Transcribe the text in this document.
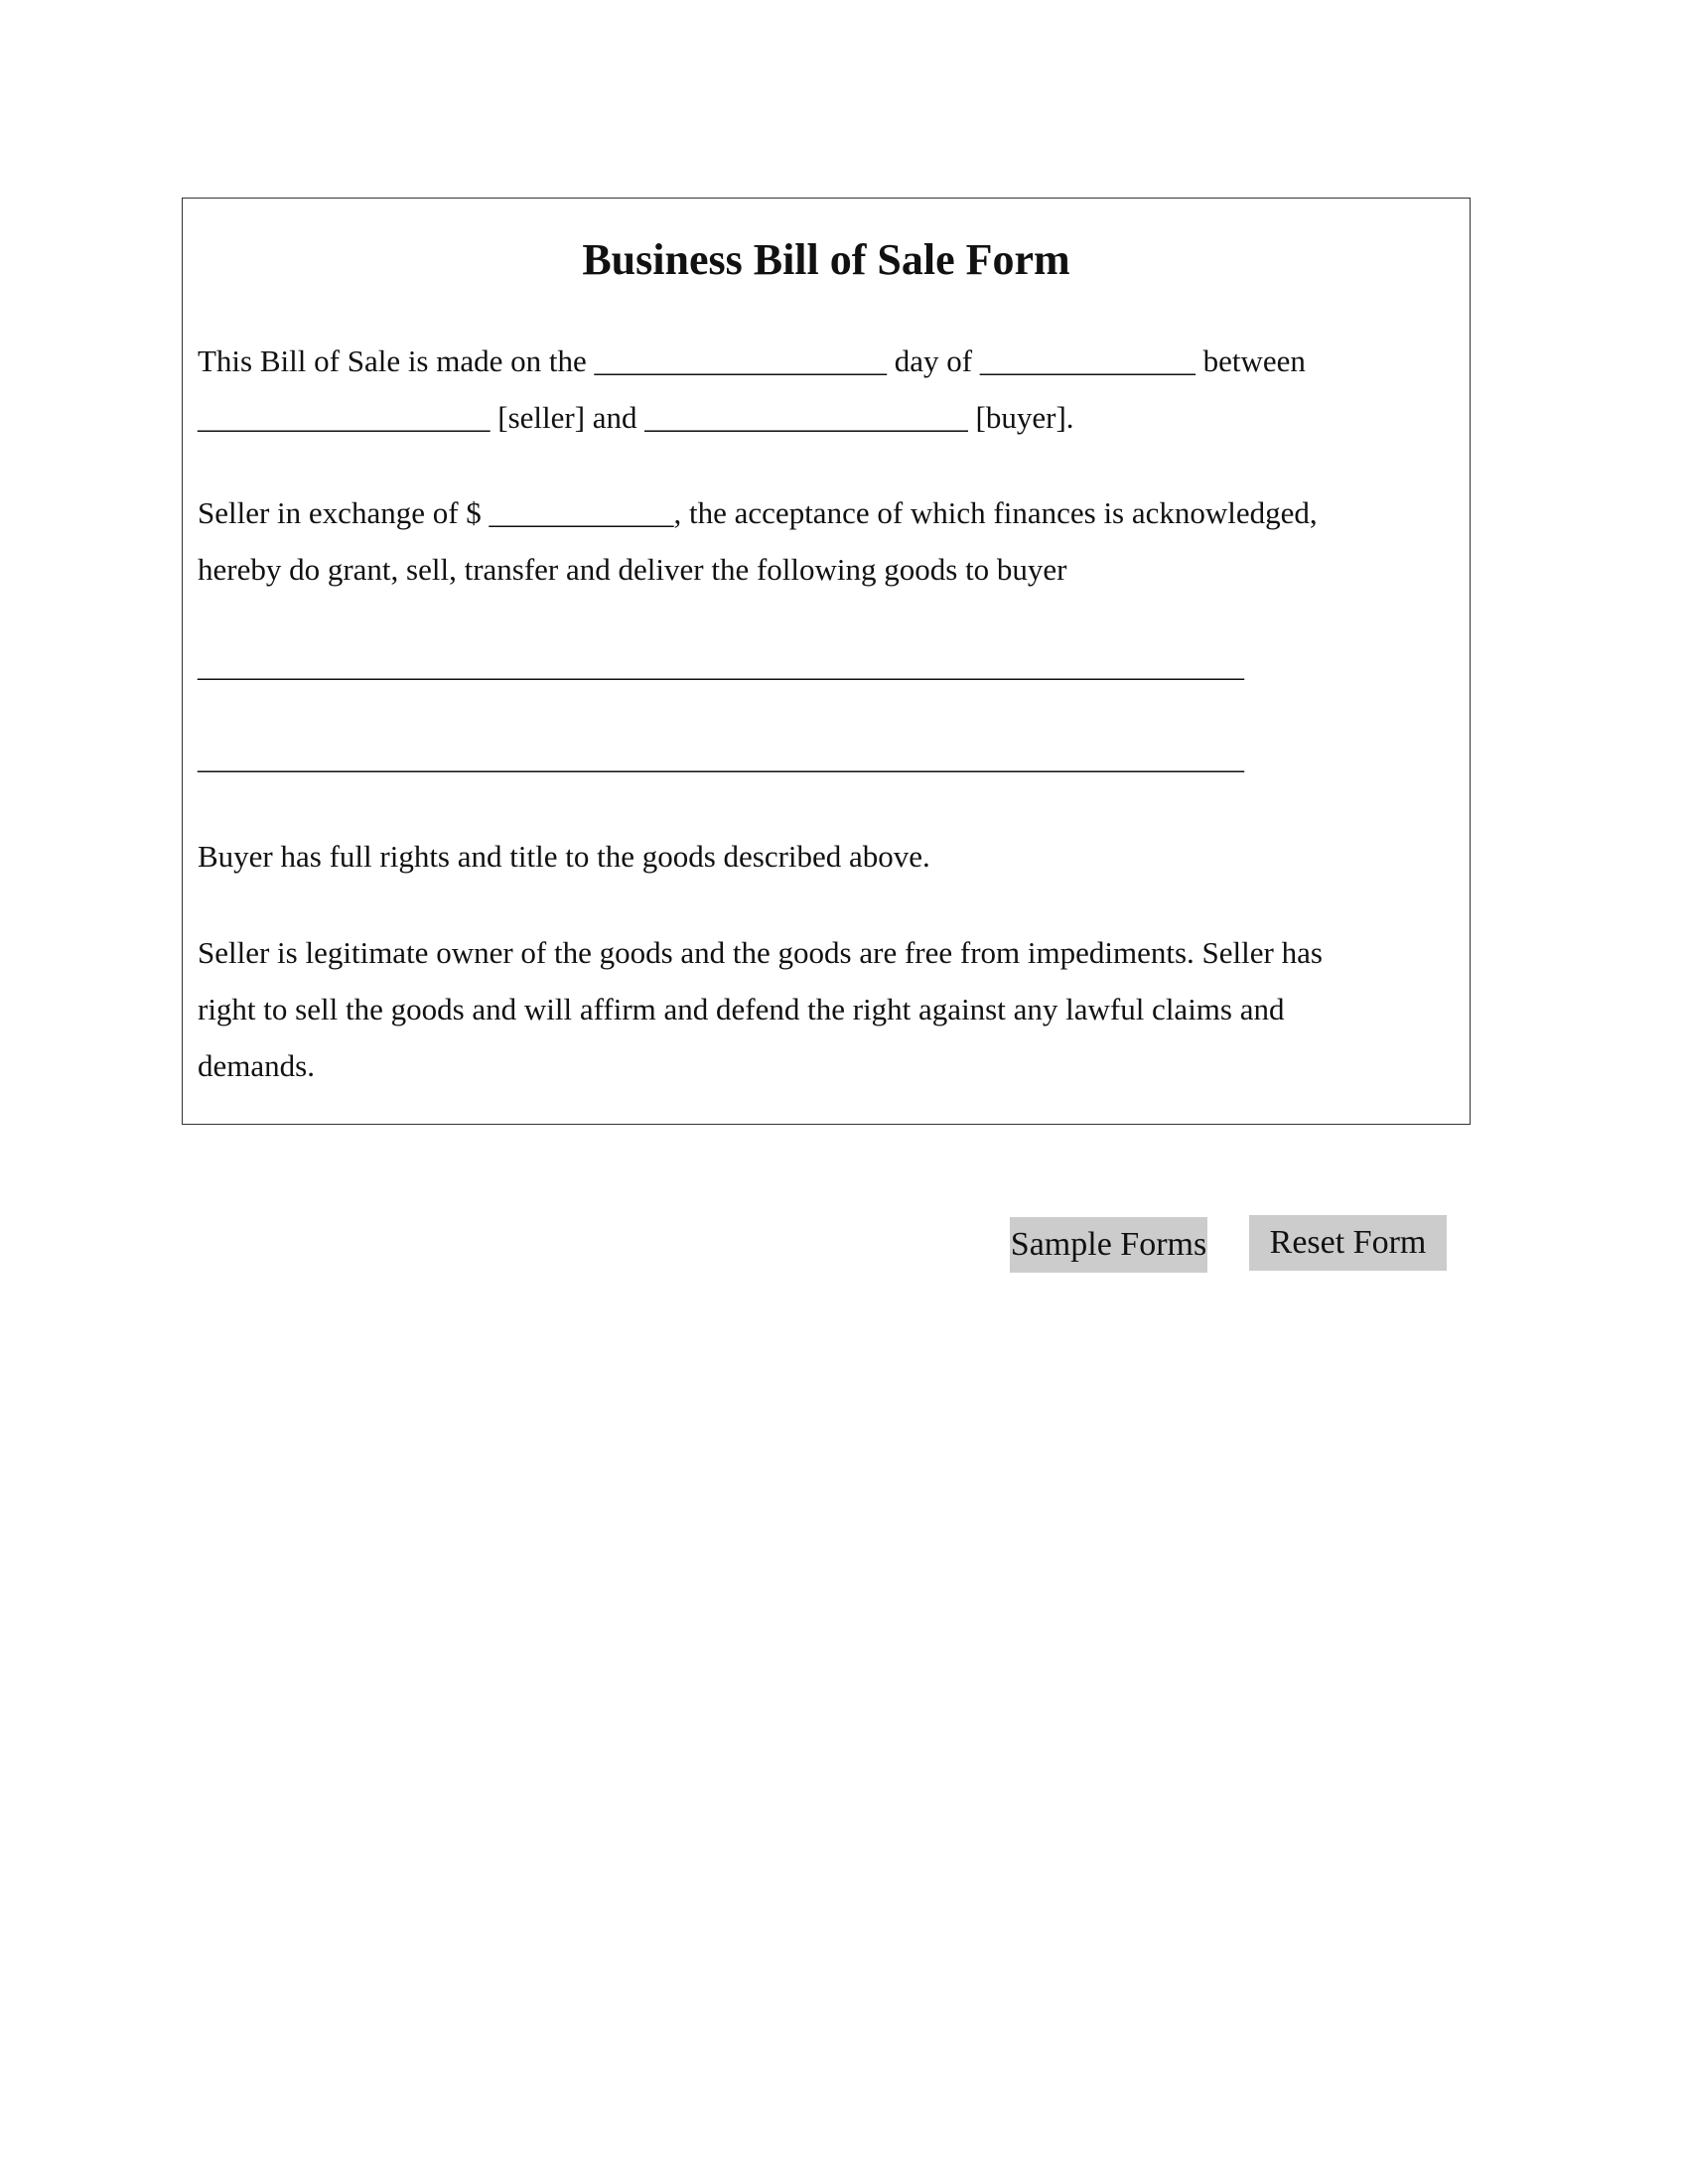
Business Bill of Sale Form
This Bill of Sale is made on the ___________________ day of ______________ between
___________________ [seller] and _____________________ [buyer].
Seller in exchange of $ ____________, the acceptance of which finances is acknowledged,
hereby do grant, sell, transfer and deliver the following goods to buyer
____________________________________________________________________
____________________________________________________________________
Buyer has full rights and title to the goods described above.
Seller is legitimate owner of the goods and the goods are free from impediments. Seller has
right to sell the goods and will affirm and defend the right against any lawful claims and
demands.
Sample Forms	Reset Form
